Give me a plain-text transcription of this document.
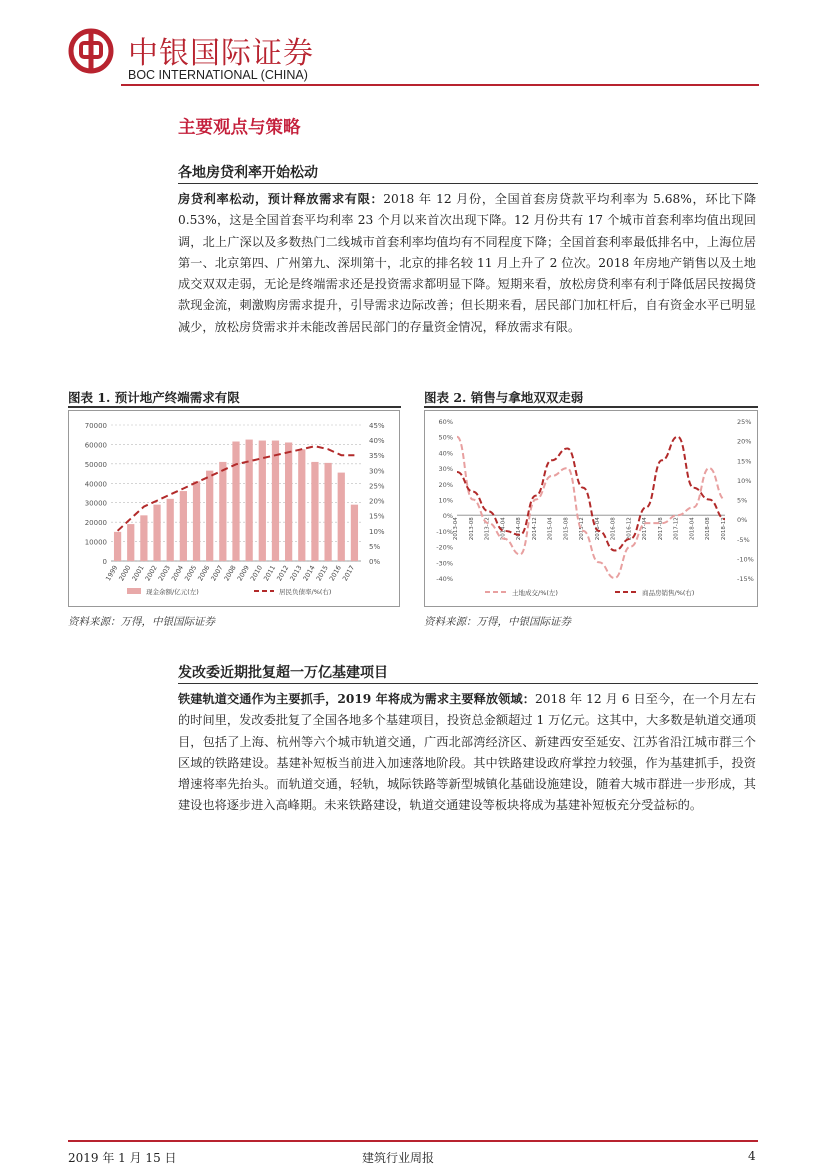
中银国际证券
BOC INTERNATIONAL (CHINA)
主要观点与策略
各地房贷利率开始松动
房贷利率松动，预计释放需求有限：2018 年 12 月份，全国首套房贷款平均利率为 5.68%，环比下降 0.53%，这是全国首套平均利率 23 个月以来首次出现下降。12 月份共有 17 个城市首套利率均值出现回调，北上广深以及多数热门二线城市首套利率均值均有不同程度下降；全国首套利率最低排名中，上海位居第一、北京第四、广州第九、深圳第十，北京的排名较 11 月上升了 2 位次。2018 年房地产销售以及土地成交双双走弱，无论是终端需求还是投资需求都明显下降。短期来看，放松房贷利率有利于降低居民按揭贷款现金流，刺激购房需求提升，引导需求边际改善；但长期来看，居民部门加杠杆后，自有资金水平已明显减少，放松房贷需求并未能改善居民部门的存量资金情况，释放需求有限。
图表 1. 预计地产终端需求有限
0
10000
20000
30000
40000
50000
60000
70000
0%
5%
10%
15%
20%
25%
30%
35%
40%
45%
1999
2000
2001
2002
2003
2004
2005
2006
2007
2008
2009
2010
2011
2012
2013
2014
2015
2016
2017
现金余额/亿元(左)	居民负债率/%(右)
资料来源：万得，中银国际证券
图表 2. 销售与拿地双双走弱
-40%
-30%
-20%
-10%
0%
10%
20%
30%
40%
50%
60%
-15%
-10%
-5%
0%
5%
10%
15%
20%
25%
2013-04 2013-08 2013-12 2014-04 2014-08 2014-12 2015-04 2015-08 2015-12 2016-04 2016-08 2016-12 2017-04 2017-08 2017-12 2018-04 2018-08 2018-12
土地成交/%(左)	商品房销售/%(右)
资料来源：万得，中银国际证券
发改委近期批复超一万亿基建项目
铁建轨道交通作为主要抓手，2019 年将成为需求主要释放领域：2018 年 12 月 6 日至今，在一个月左右的时间里，发改委批复了全国各地多个基建项目，投资总金额超过 1 万亿元。这其中，大多数是轨道交通项目，包括了上海、杭州等六个城市轨道交通，广西北部湾经济区、新建西安至延安、江苏省沿江城市群三个区域的铁路建设。基建补短板当前进入加速落地阶段。其中铁路建设政府掌控力较强，作为基建抓手，投资增速将率先抬头。而轨道交通，轻轨，城际铁路等新型城镇化基础设施建设，随着大城市群进一步形成，其建设也将逐步进入高峰期。未来铁路建设，轨道交通建设等板块将成为基建补短板充分受益标的。
2019 年 1 月 15 日	建筑行业周报	4
